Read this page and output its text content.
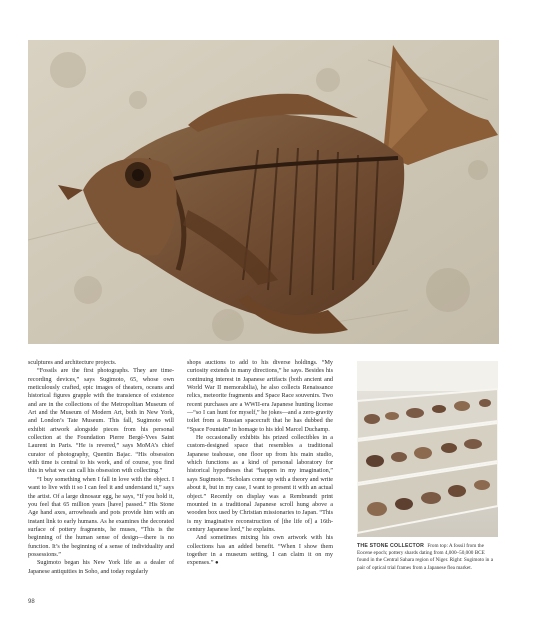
sculptures and architecture projects.

“Fossils are the first photographs. They are time-recording devices,” says Sugimoto, 65, whose own meticulously crafted, epic images of theaters, oceans and historical figures grapple with the transience of existence and are in the collections of the Metropolitan Museum of Art and the Museum of Modern Art, both in New York, and London’s Tate Museum. This fall, Sugimoto will exhibit artwork alongside pieces from his personal collection at the Foundation Pierre Bergé-Yves Saint Laurent in Paris. “He is revered,” says MoMA’s chief curator of photography, Quentin Bajac. “His obsession with time is central to his work, and of course, you find this in what we can call his obsession with collecting.”

“I buy something when I fall in love with the object. I want to live with it so I can feel it and understand it,” says the artist. Of a large dinosaur egg, he says, “If you hold it, you feel that 65 million years [have] passed.” His Stone Age hand axes, arrowheads and pots provide him with an instant link to early humans. As he examines the decorated surface of pottery fragments, he muses, “This is the beginning of the human sense of design—there is no function. It’s the beginning of a sense of individuality and possessions.”

Sugimoto began his New York life as a dealer of Japanese antiquities in Soho, and today regularly

shops auctions to add to his diverse holdings. “My curiosity extends in many directions,” he says. Besides his continuing interest in Japanese artifacts (both ancient and World War II memorabilia), he also collects Renaissance relics, meteorite fragments and Space Race souvenirs. Two recent purchases are a WWII-era Japanese hunting license—“so I can hunt for myself,” he jokes—and a zero-gravity toilet from a Russian spacecraft that he has dubbed the “Space Fountain” in homage to his idol Marcel Duchamp.

He occasionally exhibits his prized collectibles in a custom-designed space that resembles a traditional Japanese teahouse, one floor up from his main studio, which functions as a kind of personal laboratory for historical hypotheses that “happen in my imagination,” says Sugimoto. “Scholars come up with a theory and write about it, but in my case, I want to present it with an actual object.” Recently on display was a Rembrandt print mounted in a traditional Japanese scroll hung above a wooden box used by Christian missionaries to Japan. “This is my imaginative reconstruction of [the life of] a 16th-century Japanese lord,” he explains.

And sometimes mixing his own artwork with his collections has an added benefit. “When I show them together in a museum setting, I can claim it on my expenses.” ●

THE STONE COLLECTOR From top: A fossil from the Eocene epoch; pottery shards dating from 4,000–50,000 BCE found in the Central Sahara region of Niger. Right: Sugimoto in a pair of optical trial frames from a Japanese flea market.
98
